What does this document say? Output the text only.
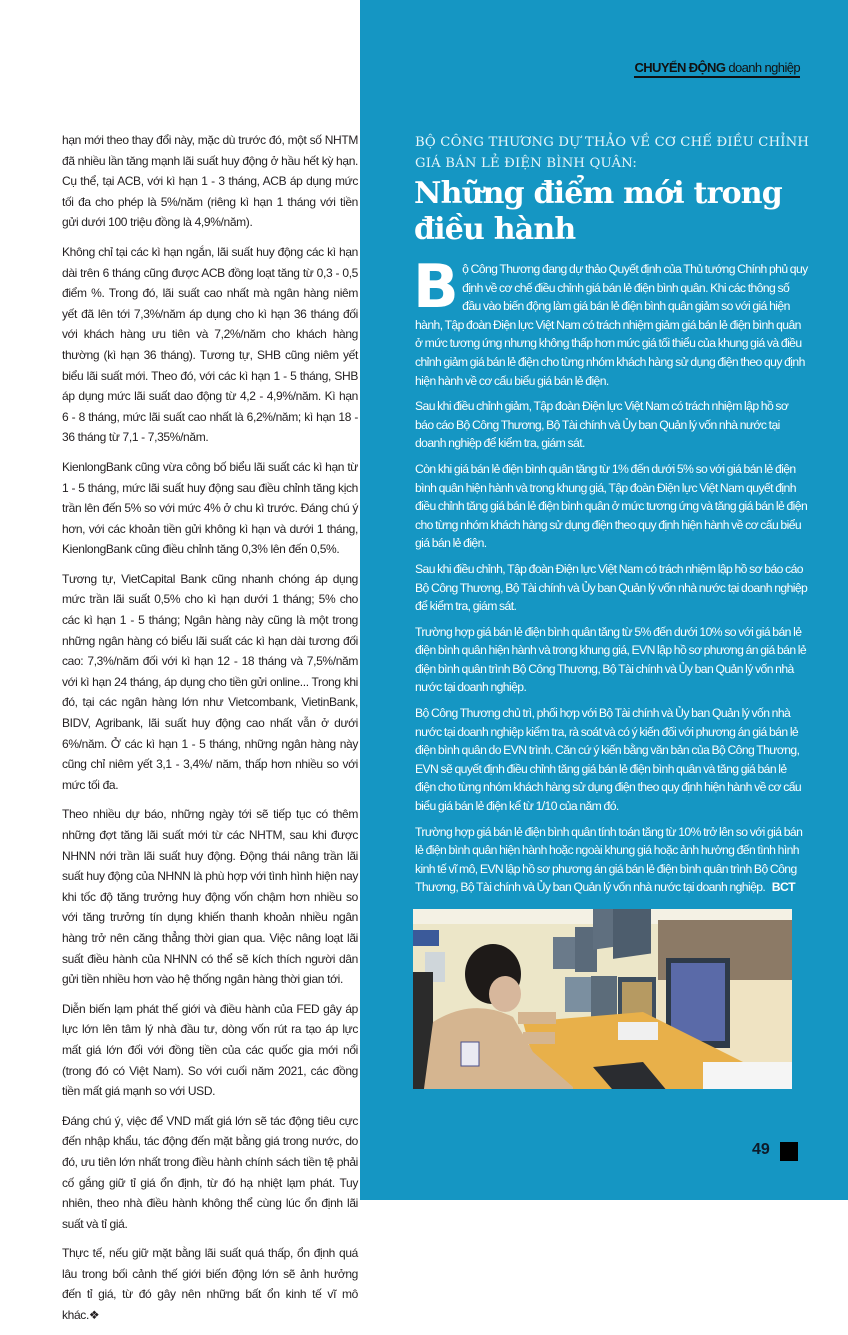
hạn mới theo thay đổi này, mặc dù trước đó, một số NHTM đã nhiều lần tăng mạnh lãi suất huy động ở hầu hết kỳ hạn. Cụ thể, tại ACB, với kì hạn 1 - 3 tháng, ACB áp dụng mức tối đa cho phép là 5%/năm (riêng kì hạn 1 tháng với tiền gửi dưới 100 triệu đồng là 4,9%/năm).

Không chỉ tại các kì hạn ngắn, lãi suất huy động các kì hạn dài trên 6 tháng cũng được ACB đồng loạt tăng từ 0,3 - 0,5 điểm %. Trong đó, lãi suất cao nhất mà ngân hàng niêm yết đã lên tới 7,3%/năm áp dụng cho kì hạn 36 tháng đối với khách hàng ưu tiên và 7,2%/năm cho khách hàng thường (kì hạn 36 tháng). Tương tự, SHB cũng niêm yết biểu lãi suất mới. Theo đó, với các kì hạn 1 - 5 tháng, SHB áp dụng mức lãi suất dao động từ 4,2 - 4,9%/năm. Kì hạn 6 - 8 tháng, mức lãi suất cao nhất là 6,2%/năm; kì hạn 18 - 36 tháng từ 7,1 - 7,35%/năm.

KienlongBank cũng vừa công bố biểu lãi suất các kì hạn từ 1 - 5 tháng, mức lãi suất huy động sau điều chỉnh tăng kịch trần lên đến 5% so với mức 4% ở chu kì trước. Đáng chú ý hơn, với các khoản tiền gửi không kì hạn và dưới 1 tháng, KienlongBank cũng điều chỉnh tăng 0,3% lên đến 0,5%.

Tương tự, VietCapital Bank cũng nhanh chóng áp dụng mức trần lãi suất 0,5% cho kì hạn dưới 1 tháng; 5% cho các kì hạn 1 - 5 tháng; Ngân hàng này cũng là một trong những ngân hàng có biểu lãi suất các kì hạn dài tương đối cao: 7,3%/năm đối với kì hạn 12 - 18 tháng và 7,5%/năm với kì hạn 24 tháng, áp dụng cho tiền gửi online... Trong khi đó, tại các ngân hàng lớn như Vietcombank, VietinBank, BIDV, Agribank, lãi suất huy động cao nhất vẫn ở dưới 6%/năm. Ở các kì hạn 1 - 5 tháng, những ngân hàng này cũng chỉ niêm yết 3,1 - 3,4%/ năm, thấp hơn nhiều so với mức tối đa.

Theo nhiều dự báo, những ngày tới sẽ tiếp tục có thêm những đợt tăng lãi suất mới từ các NHTM, sau khi được NHNN nới trần lãi suất huy động. Động thái nâng trần lãi suất huy động của NHNN là phù hợp với tình hình hiện nay khi tốc độ tăng trưởng huy động vốn chậm hơn nhiều so với tăng trưởng tín dụng khiến thanh khoản nhiều ngân hàng trở nên căng thẳng thời gian qua. Việc nâng loạt lãi suất điều hành của NHNN có thể sẽ kích thích người dân gửi tiền nhiều hơn vào hệ thống ngân hàng thời gian tới.

Diễn biến lạm phát thế giới và điều hành của FED gây áp lực lớn lên tâm lý nhà đầu tư, dòng vốn rút ra tạo áp lực mất giá lớn đối với đồng tiền của các quốc gia mới nổi (trong đó có Việt Nam). So với cuối năm 2021, các đồng tiền mất giá mạnh so với USD.

Đáng chú ý, việc để VND mất giá lớn sẽ tác động tiêu cực đến nhập khẩu, tác động đến mặt bằng giá trong nước, do đó, ưu tiên lớn nhất trong điều hành chính sách tiền tệ phải cố gắng giữ tỉ giá ổn định, từ đó hạ nhiệt lạm phát. Tuy nhiên, theo nhà điều hành không thể cùng lúc ổn định lãi suất và tỉ giá.

Thực tế, nếu giữ mặt bằng lãi suất quá thấp, ổn định quá lâu trong bối cảnh thế giới biến động lớn sẽ ảnh hưởng đến tỉ giá, từ đó gây nên những bất ổn kinh tế vĩ mô khác.❖

CHUYỂN ĐỘNG doanh nghiệp
BỘ CÔNG THƯƠNG DỰ THẢO VỀ CƠ CHẾ ĐIỀU CHỈNH GIÁ BÁN LẺ ĐIỆN BÌNH QUÂN:
Những điểm mới trong điều hành

Bộ Công Thương đang dự thảo Quyết định của Thủ tướng Chính phủ quy định về cơ chế điều chỉnh giá bán lẻ điện bình quân. Khi các thông số đầu vào biến động làm giá bán lẻ điện bình quân giảm so với giá hiện hành, Tập đoàn Điện lực Việt Nam có trách nhiệm giảm giá bán lẻ điện bình quân ở mức tương ứng nhưng không thấp hơn mức giá tối thiểu của khung giá và điều chỉnh giảm giá bán lẻ điện cho từng nhóm khách hàng sử dụng điện theo quy định hiện hành về cơ cấu biểu giá bán lẻ điện.

Sau khi điều chỉnh giảm, Tập đoàn Điện lực Việt Nam có trách nhiệm lập hồ sơ báo cáo Bộ Công Thương, Bộ Tài chính và Ủy ban Quản lý vốn nhà nước tại doanh nghiệp để kiểm tra, giám sát.

Còn khi giá bán lẻ điện bình quân tăng từ 1% đến dưới 5% so với giá bán lẻ điện bình quân hiện hành và trong khung giá, Tập đoàn Điện lực Việt Nam quyết định điều chỉnh tăng giá bán lẻ điện bình quân ở mức tương ứng và tăng giá bán lẻ điện cho từng nhóm khách hàng sử dụng điện theo quy định hiện hành về cơ cấu biểu giá bán lẻ điện.

Sau khi điều chỉnh, Tập đoàn Điện lực Việt Nam có trách nhiệm lập hồ sơ báo cáo Bộ Công Thương, Bộ Tài chính và Ủy ban Quản lý vốn nhà nước tại doanh nghiệp để kiểm tra, giám sát.

Trường hợp giá bán lẻ điện bình quân tăng từ 5% đến dưới 10% so với giá bán lẻ điện bình quân hiện hành và trong khung giá, EVN lập hồ sơ phương án giá bán lẻ điện bình quân trình Bộ Công Thương, Bộ Tài chính và Ủy ban Quản lý vốn nhà nước tại doanh nghiệp.

Bộ Công Thương chủ trì, phối hợp với Bộ Tài chính và Ủy ban Quản lý vốn nhà nước tại doanh nghiệp kiểm tra, rà soát và có ý kiến đối với phương án giá bán lẻ điện bình quân do EVN trình. Căn cứ ý kiến bằng văn bản của Bộ Công Thương, EVN sẽ quyết định điều chỉnh tăng giá bán lẻ điện bình quân và tăng giá bán lẻ điện cho từng nhóm khách hàng sử dụng điện theo quy định hiện hành về cơ cấu biểu giá bán lẻ điện kể từ 1/10 của năm đó.

Trường hợp giá bán lẻ điện bình quân tính toán tăng từ 10% trở lên so với giá bán lẻ điện bình quân hiện hành hoặc ngoài khung giá hoặc ảnh hưởng đến tình hình kinh tế vĩ mô, EVN lập hồ sơ phương án giá bán lẻ điện bình quân trình Bộ Công Thương, Bộ Tài chính và Ủy ban Quản lý vốn nhà nước tại doanh nghiệp. BCT

49
